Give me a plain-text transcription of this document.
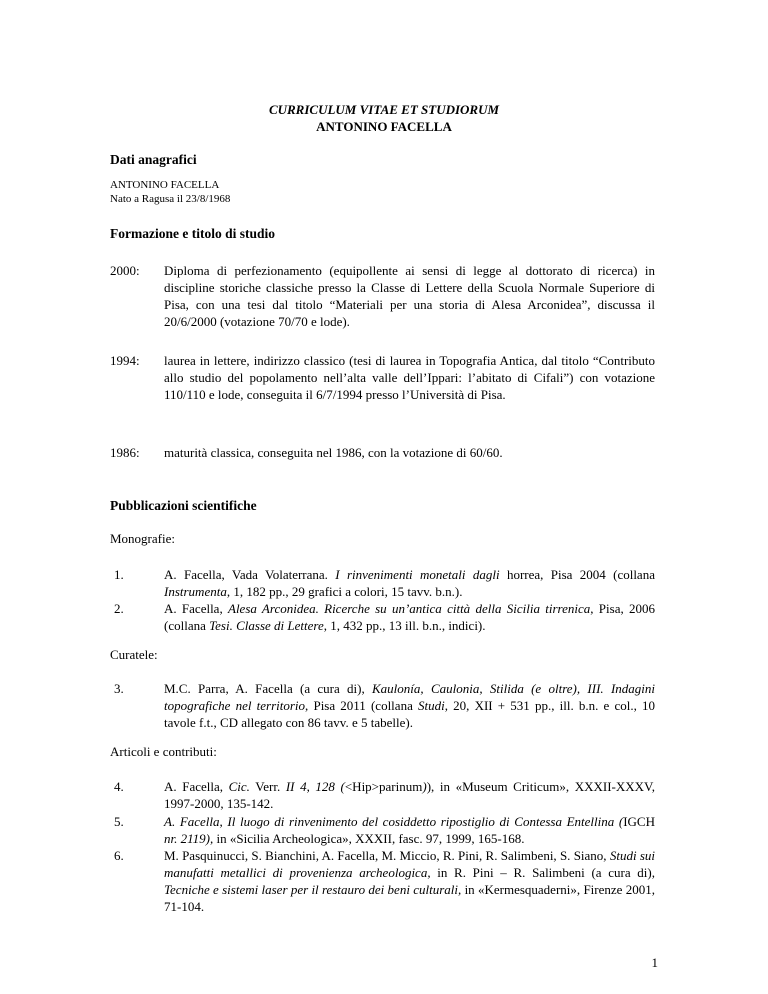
CURRICULUM VITAE ET STUDIORUM
ANTONINO FACELLA
Dati anagrafici
ANTONINO FACELLA
Nato a Ragusa il 23/8/1968
Formazione e titolo di studio
2000:	Diploma di perfezionamento (equipollente ai sensi di legge al dottorato di ricerca) in discipline storiche classiche presso la Classe di Lettere della Scuola Normale Superiore di Pisa, con una tesi dal titolo “Materiali per una storia di Alesa Arconidea”, discussa il 20/6/2000 (votazione 70/70 e lode).
1994:	laurea in lettere, indirizzo classico (tesi di laurea in Topografia Antica, dal titolo “Contributo allo studio del popolamento nell’alta valle dell’Ippari: l’abitato di Cifali”) con votazione 110/110 e lode, conseguita il 6/7/1994 presso l’Università di Pisa.
1986:	maturità classica, conseguita nel 1986, con la votazione di 60/60.
Pubblicazioni scientifiche
Monografie:
1.	A. Facella, Vada Volaterrana. I rinvenimenti monetali dagli horrea, Pisa 2004 (collana Instrumenta, 1, 182 pp., 29 grafici a colori, 15 tavv. b.n.).
2.	A. Facella, Alesa Arconidea. Ricerche su un’antica città della Sicilia tirrenica, Pisa, 2006 (collana Tesi. Classe di Lettere, 1, 432 pp., 13 ill. b.n., indici).
Curatele:
3.	M.C. Parra, A. Facella (a cura di), Kaulonía, Caulonia, Stilida (e oltre), III. Indagini topografiche nel territorio, Pisa 2011 (collana Studi, 20, XII + 531 pp., ill. b.n. e col., 10 tavole f.t., CD allegato con 86 tavv. e 5 tabelle).
Articoli e contributi:
4.	A. Facella, Cic. Verr. II 4, 128 (<Hip>parinum)), in «Museum Criticum», XXXII-XXXV, 1997-2000, 135-142.
5.	A. Facella, Il luogo di rinvenimento del cosiddetto ripostiglio di Contessa Entellina (IGCH nr. 2119), in «Sicilia Archeologica», XXXII, fasc. 97, 1999, 165-168.
6.	M. Pasquinucci, S. Bianchini, A. Facella, M. Miccio, R. Pini, R. Salimbeni, S. Siano, Studi sui manufatti metallici di provenienza archeologica, in R. Pini – R. Salimbeni (a cura di), Tecniche e sistemi laser per il restauro dei beni culturali, in «Kermesquaderni», Firenze 2001, 71-104.
1
